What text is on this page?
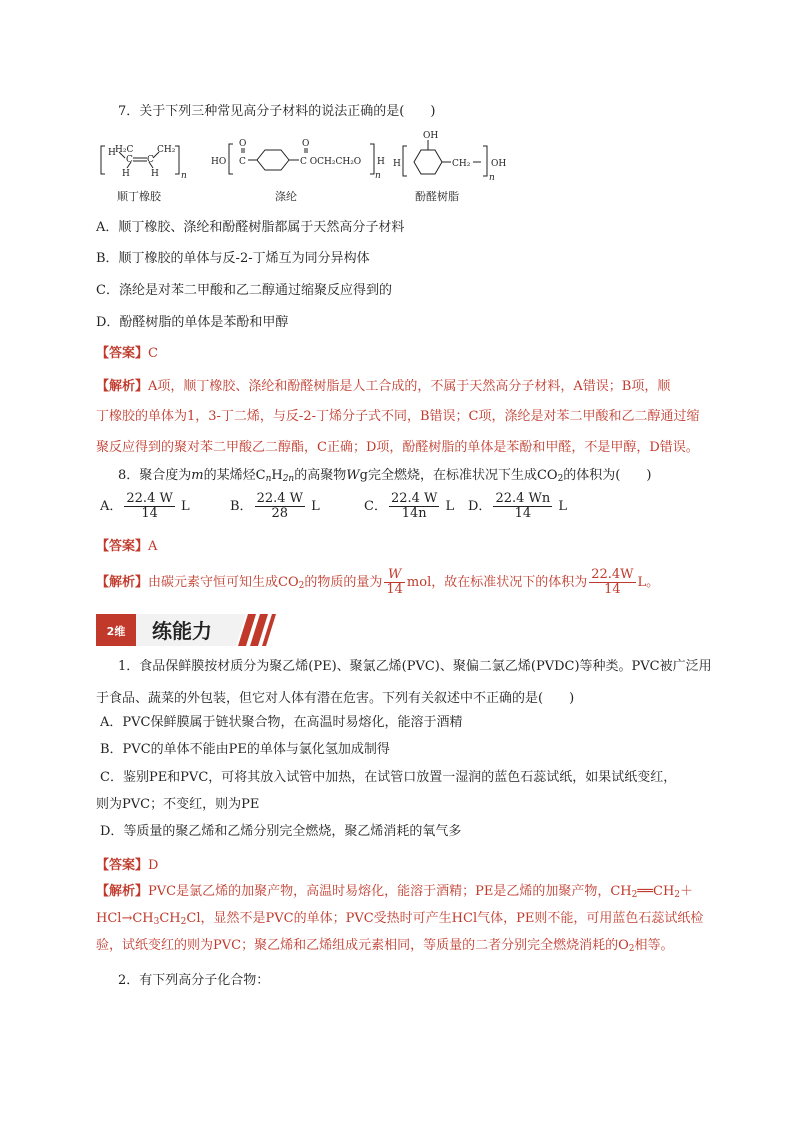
7．关于下列三种常见高分子材料的说法正确的是(　　)
H H₂C
C C
CH₂
H H n
HO
O
C
O
C OCH₂CH₂O H
n
OH
H	CH₂ OH
n
顺丁橡胶	涤纶	酚醛树脂
A．顺丁橡胶、涤纶和酚醛树脂都属于天然高分子材料
B．顺丁橡胶的单体与反-2-丁烯互为同分异构体
C．涤纶是对苯二甲酸和乙二醇通过缩聚反应得到的
D．酚醛树脂的单体是苯酚和甲醇
【答案】C
【解析】A项，顺丁橡胶、涤纶和酚醛树脂是人工合成的，不属于天然高分子材料，A错误；B项，顺
丁橡胶的单体为1，3-丁二烯，与反-2-丁烯分子式不同，B错误；C项，涤纶是对苯二甲酸和乙二醇通过缩
聚反应得到的聚对苯二甲酸乙二醇酯，C正确；D项，酚醛树脂的单体是苯酚和甲醛，不是甲醇，D错误。
8．聚合度为m的某烯烃$C_nH_{2n}$的高聚物Wg完全燃烧，在标准状况下生成$CO_2$的体积为(　　)
A． $\frac{22.4 W}{14}$ L	B． $\frac{22.4 W}{28}$ L	C． $\frac{22.4 W}{14n}$ L D． $\frac{22.4 Wn}{14}$ L
【答案】A
【解析】由碳元素守恒可知生成$CO_2$的物质的量为 $\frac{W}{14}$ mol，故在标准状况下的体积为 $\frac{22.4W}{14}$ L。
2维 练能力
1．食品保鲜膜按材质分为聚乙烯(PE)、聚氯乙烯(PVC)、聚偏二氯乙烯(PVDC)等种类。PVC被广泛用
于食品、蔬菜的外包装，但它对人体有潜在危害。下列有关叙述中不正确的是(　　)
A．PVC保鲜膜属于链状聚合物，在高温时易熔化，能溶于酒精
B．PVC的单体不能由PE的单体与氯化氢加成制得
C．鉴别PE和PVC，可将其放入试管中加热，在试管口放置一湿润的蓝色石蕊试纸，如果试纸变红，
则为PVC；不变红，则为PE
D．等质量的聚乙烯和乙烯分别完全燃烧，聚乙烯消耗的氧气多
【答案】D
【解析】PVC是氯乙烯的加聚产物，高温时易熔化，能溶于酒精；PE是乙烯的加聚产物，$CH_2══CH_2+$
$HCl\to CH_3CH_2Cl$，显然不是PVC的单体；PVC受热时可产生HCl气体，PE则不能，可用蓝色石蕊试纸检
验，试纸变红的则为PVC；聚乙烯和乙烯组成元素相同，等质量的二者分别完全燃烧消耗的$O_2$相等。
2．有下列高分子化合物：
